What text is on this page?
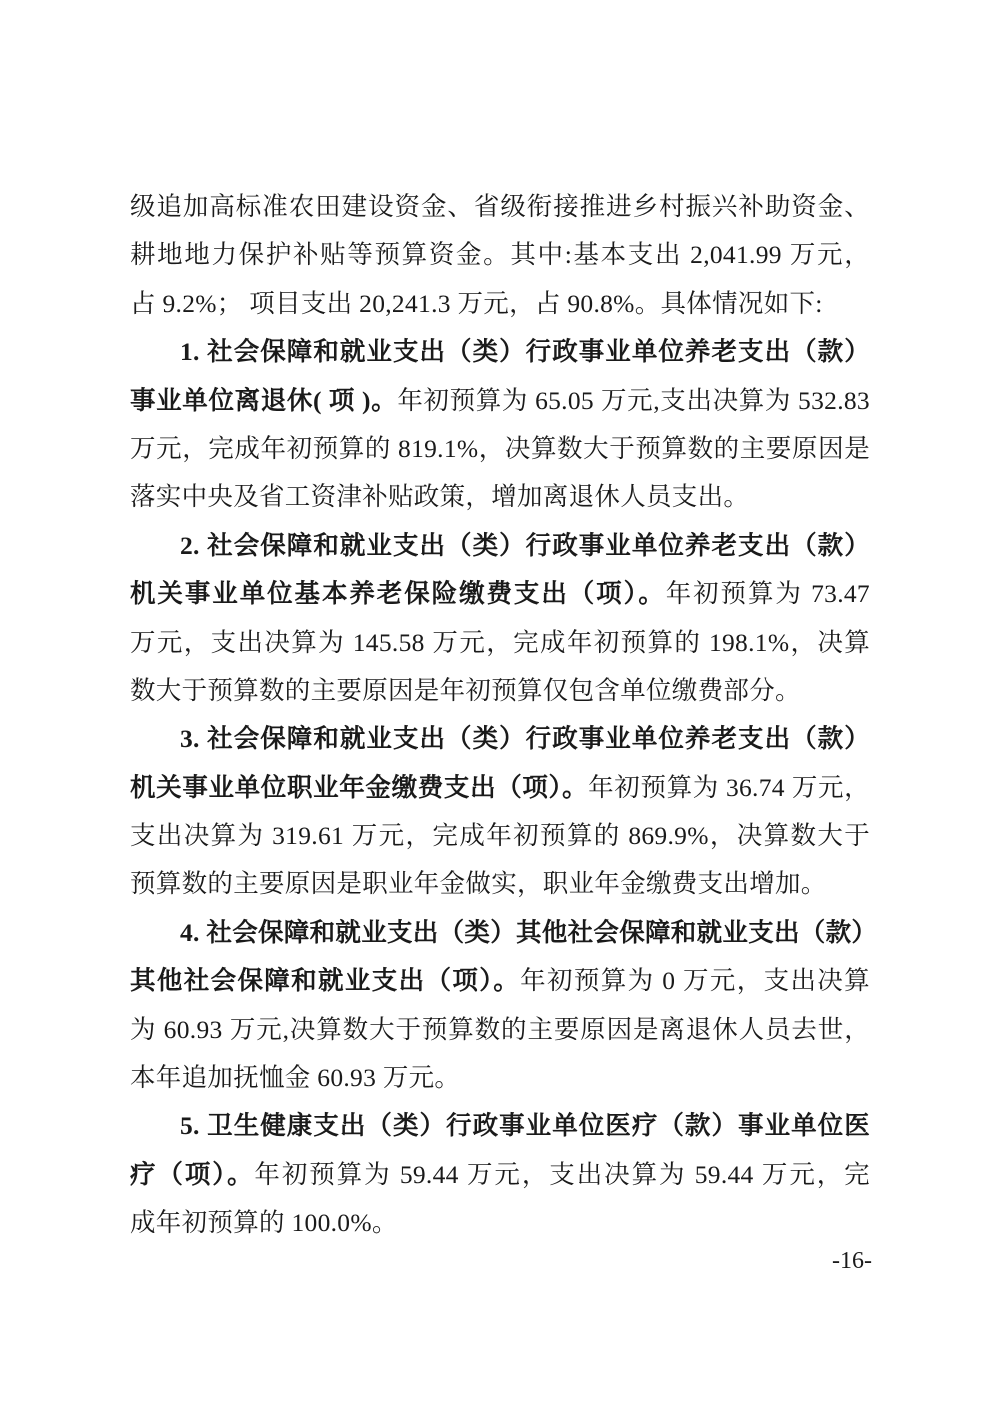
级追加高标准农田建设资金、省级衔接推进乡村振兴补助资金、
耕地地力保护补贴等预算资金。其中:基本支出 2,041.99 万元，
占 9.2%； 项目支出 20,241.3 万元，占 90.8%。具体情况如下:
1. 社会保障和就业支出（类）行政事业单位养老支出（款）
事业单位离退休( 项 )。年初预算为 65.05 万元,支出决算为 532.83
万元，完成年初预算的 819.1%，决算数大于预算数的主要原因是
落实中央及省工资津补贴政策，增加离退休人员支出。
2. 社会保障和就业支出（类）行政事业单位养老支出（款）
机关事业单位基本养老保险缴费支出（项）。年初预算为 73.47
万元，支出决算为 145.58 万元，完成年初预算的 198.1%，决算
数大于预算数的主要原因是年初预算仅包含单位缴费部分。
3. 社会保障和就业支出（类）行政事业单位养老支出（款）
机关事业单位职业年金缴费支出（项）。年初预算为 36.74 万元，
支出决算为 319.61 万元，完成年初预算的 869.9%，决算数大于
预算数的主要原因是职业年金做实，职业年金缴费支出增加。
4. 社会保障和就业支出（类）其他社会保障和就业支出（款）
其他社会保障和就业支出（项）。年初预算为 0 万元，支出决算
为 60.93 万元,决算数大于预算数的主要原因是离退休人员去世，
本年追加抚恤金 60.93 万元。
5. 卫生健康支出（类）行政事业单位医疗（款）事业单位医
疗（项）。年初预算为 59.44 万元，支出决算为 59.44 万元，完
成年初预算的 100.0%。
-16-
